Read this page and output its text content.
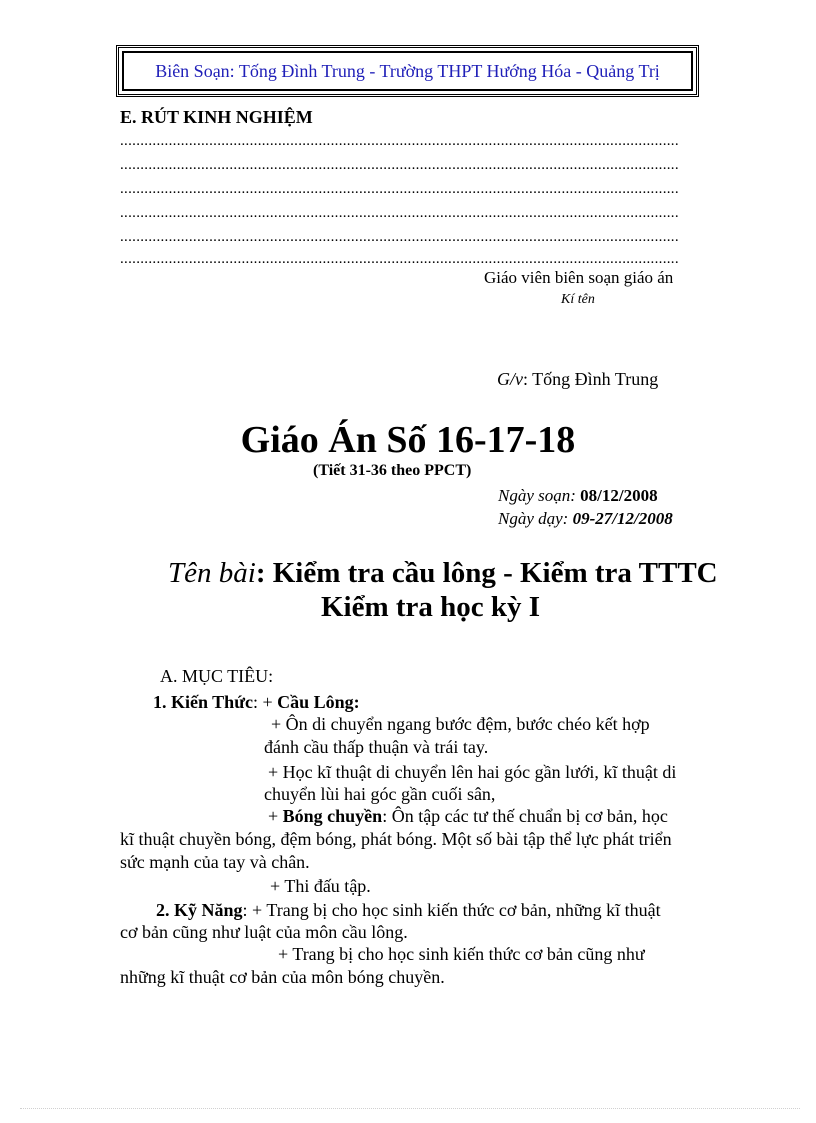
Biên Soạn: Tống Đình Trung - Trường THPT Hướng Hóa - Quảng Trị
E. RÚT KINH NGHIỆM
..........................................................................................................................................
..........................................................................................................................................
..........................................................................................................................................
..........................................................................................................................................
..........................................................................................................................................
..........................................................................................................................................
Giáo viên biên soạn giáo án
Kí tên
G/v: Tống Đình Trung
Giáo Án Số 16-17-18
(Tiết 31-36 theo PPCT)
Ngày soạn: 08/12/2008
Ngày dạy: 09-27/12/2008
Tên bài: Kiểm tra cầu lông - Kiểm tra TTTC
Kiểm tra học kỳ I
A. MỤC TIÊU:
1. Kiến Thức: + Cầu Lông:
+ Ôn di chuyển ngang bước đệm, bước chéo kết hợp
đánh cầu thấp thuận và trái tay.
+ Học kĩ thuật di chuyển lên hai góc gần lưới, kĩ thuật di
chuyển lùi hai góc gần cuối sân,
+ Bóng chuyền: Ôn tập các tư thế chuẩn bị cơ bản, học
kĩ thuật chuyền bóng, đệm bóng, phát bóng. Một số bài tập thể lực phát triển
sức mạnh của tay và chân.
+ Thi đấu tập.
2. Kỹ Năng: + Trang bị cho học sinh kiến thức cơ bản, những kĩ thuật
cơ bản cũng như luật của môn cầu lông.
+ Trang bị cho học sinh kiến thức cơ bản cũng như
những kĩ thuật cơ bản của môn bóng chuyền.
